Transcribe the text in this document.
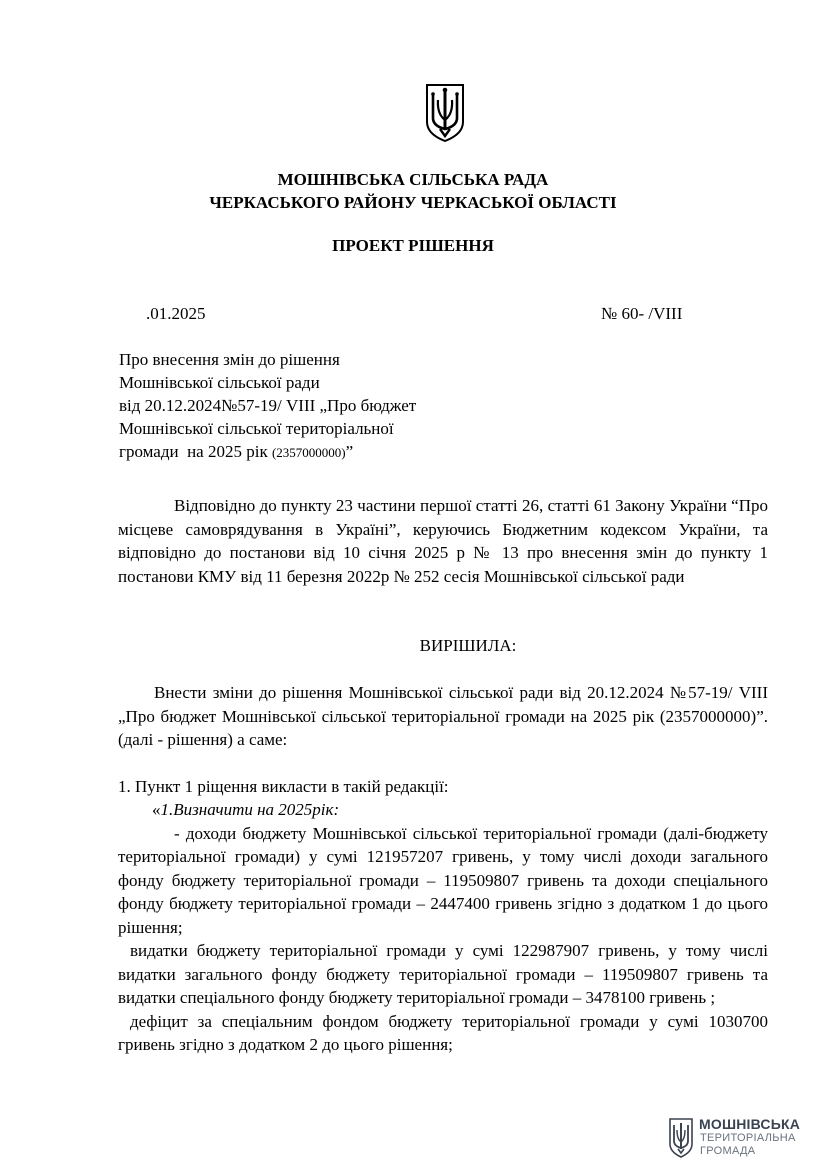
МОШНІВСЬКА СІЛЬСЬКА РАДА
ЧЕРКАСЬКОГО РАЙОНУ ЧЕРКАСЬКОЇ ОБЛАСТІ
ПРОЕКТ РІШЕННЯ
.01.2025	№ 60- /VIII
Про внесення змін до рішення
Мошнівської сільської ради
від 20.12.2024№57-19/ VIII „Про бюджет
Мошнівської сільської територіальної
громади  на 2025 рік (2357000000)”

Відповідно до пункту 23 частини першої статті 26, статті 61 Закону України “Про місцеве самоврядування в Україні”, керуючись Бюджетним кодексом України, та відповідно до постанови від 10 січня 2025 р № 13 про внесення змін до пункту 1 постанови КМУ від 11 березня 2022р № 252 сесія Мошнівської сільської ради

ВИРІШИЛА:

Внести зміни до рішення Мошнівської сільської ради від 20.12.2024 №57-19/ VIII „Про бюджет Мошнівської сільської територіальної громади на 2025 рік (2357000000)”. (далі - рішення) а саме:

1. Пункт 1 ріщення викласти в такій редакції:

«1.Визначити на 2025рік:

- доходи бюджету Мошнівської сільської територіальної громади (далі-бюджету територіальної громади) у сумі 121957207 гривень, у тому числі доходи загального фонду бюджету територіальної громади – 119509807 гривень та доходи спеціального фонду бюджету територіальної громади – 2447400 гривень згідно з додатком 1 до цього рішення;

видатки бюджету територіальної громади у сумі 122987907 гривень, у тому числі видатки загального фонду бюджету територіальної громади – 119509807 гривень та видатки спеціального фонду бюджету територіальної громади – 3478100 гривень ;

дефіцит за спеціальним фондом бюджету територіальної громади у сумі 1030700 гривень згідно з додатком 2 до цього рішення;

МОШНІВСЬКА
ТЕРИТОРІАЛЬНА
ГРОМАДА
